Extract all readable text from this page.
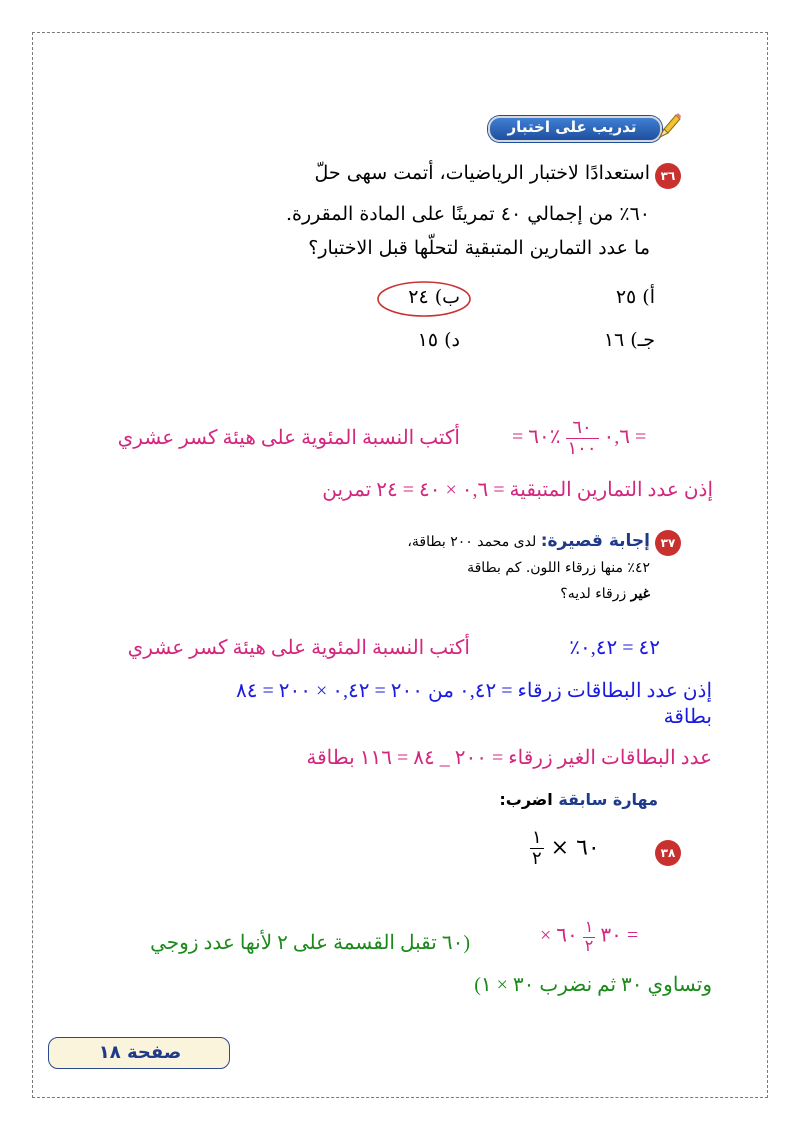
تدريب على اختبار
٣٦
استعدادًا لاختبار الرياضيات، أتمت سهى حلّ
٦٠٪ من إجمالي ٤٠ تمرينًا على المادة المقررة.
ما عدد التمارين المتبقية لتحلّها قبل الاختبار؟
أ) ٢٥
ب) ٢٤
جـ) ١٦
د) ١٥
= ٠,٦
$\frac{٦٠}{١٠٠}$
٪٦٠ =
أكتب النسبة المئوية على هيئة كسر عشري
إذن عدد التمارين المتبقية = ٠,٦ × ٤٠ = ٢٤ تمرين
٣٧
إجابة قصيرة: لدى محمد ٢٠٠ بطاقة،
٤٢٪ منها زرقاء اللون. كم بطاقة
غير زرقاء لديه؟
٪٤٢ = ٠,٤٢
أكتب النسبة المئوية على هيئة كسر عشري
إذن عدد البطاقات زرقاء = ٠,٤٢ من ٢٠٠ = ٠,٤٢ × ٢٠٠ = ٨٤
بطاقة
عدد البطاقات الغير زرقاء = ٢٠٠ _ ٨٤ = ١١٦ بطاقة
مهارة سابقة اضرب:
٣٨
$\frac{١}{٢}$ ٦٠ ×
= ٣٠
$\frac{١}{٢}$
٦٠ ×
(٦٠ تقبل القسمة على ٢ لأنها عدد زوجي
وتساوي ٣٠ ثم نضرب ٣٠ × ١)
صفحة ١٨
